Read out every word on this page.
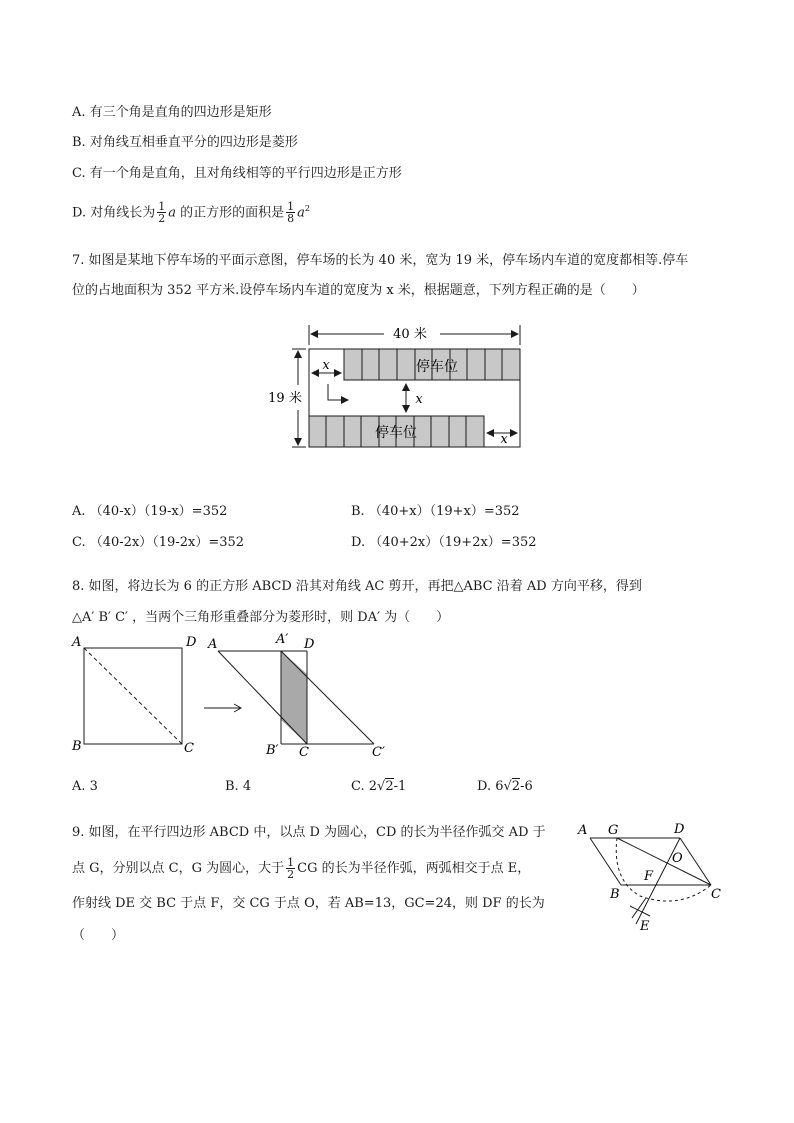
A. 有三个角是直角的四边形是矩形
B. 对角线互相垂直平分的四边形是菱形
C. 有一个角是直角，且对角线相等的平行四边形是正方形
D. 对角线长为 $\frac{1}{2}$ a 的正方形的面积是 $\frac{1}{8} a^2$
7. 如图是某地下停车场的平面示意图，停车场的长为 40 米，宽为 19 米，停车场内车道的宽度都相等.停车
位的占地面积为 352 平方米.设停车场内车道的宽度为 x 米，根据题意，下列方程正确的是（　　）
40 米
19 米
停车位
停车位
x
x
x
A. （40-x）（19-x）=352	B. （40+x）（19+x）=352
C. （40-2x）（19-2x）=352	D. （40+2x）（19+2x）=352
8. 如图，将边长为 6 的正方形 ABCD 沿其对角线 AC 剪开，再把△ABC 沿着 AD 方向平移，得到
△A′ B′ C′ ，当两个三角形重叠部分为菱形时，则 DA′ 为（　　）
A	D
B	C
A	A′ D
B′ C	C′
A. 3	B. 4	C. 2√2-1	D. 6√2-6
9. 如图，在平行四边形 ABCD 中，以点 D 为圆心，CD 的长为半径作弧交 AD 于
点 G，分别以点 C，G 为圆心，大于 $\frac{1}{2}$ CG 的长为半径作弧，两弧相交于点 E，
作射线 DE 交 BC 于点 F，交 CG 于点 O，若 AB=13，GC=24，则 DF 的长为
（　　）
A G	D
O
F
B	C
E
